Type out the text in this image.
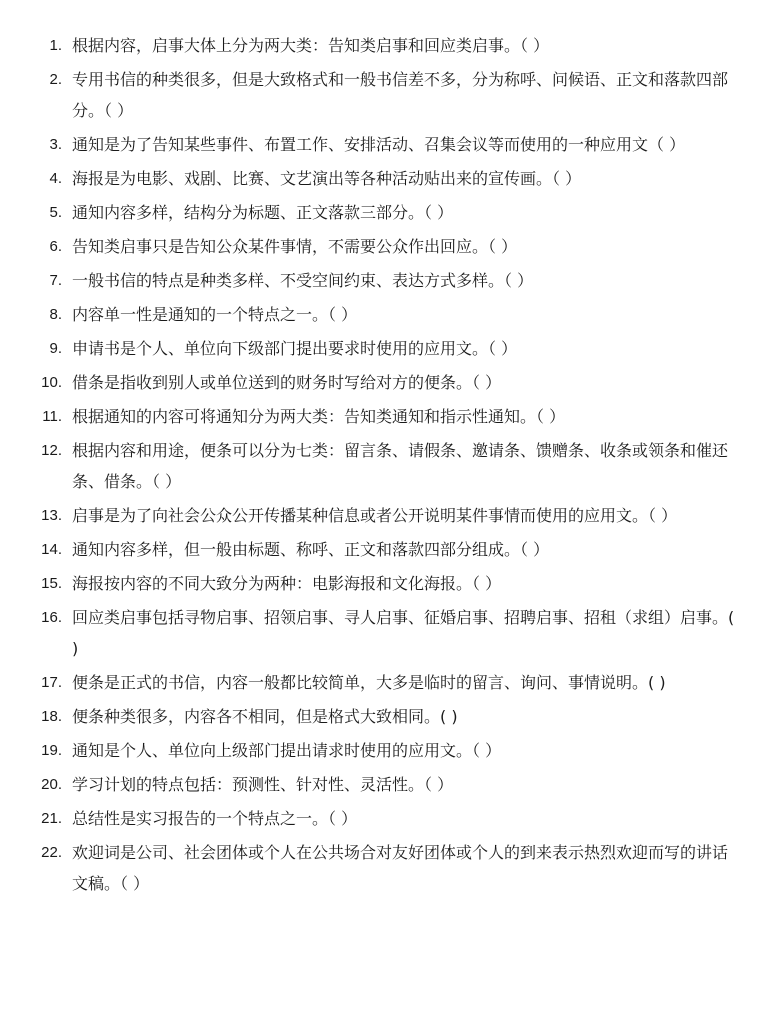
1. 根据内容，启事大体上分为两大类：告知类启事和回应类启事。（ ）
2. 专用书信的种类很多，但是大致格式和一般书信差不多，分为称呼、问候语、正文和落款四部分。（ ）
3. 通知是为了告知某些事件、布置工作、安排活动、召集会议等而使用的一种应用文（ ）
4. 海报是为电影、戏剧、比赛、文艺演出等各种活动贴出来的宣传画。（ ）
5. 通知内容多样，结构分为标题、正文落款三部分。（ ）
6. 告知类启事只是告知公众某件事情，不需要公众作出回应。（ ）
7. 一般书信的特点是种类多样、不受空间约束、表达方式多样。（ ）
8. 内容单一性是通知的一个特点之一。（ ）
9. 申请书是个人、单位向下级部门提出要求时使用的应用文。（ ）
10. 借条是指收到别人或单位送到的财务时写给对方的便条。（ ）
11. 根据通知的内容可将通知分为两大类：告知类通知和指示性通知。（ ）
12. 根据内容和用途，便条可以分为七类：留言条、请假条、邀请条、馈赠条、收条或领条和催还条、借条。（ ）
13. 启事是为了向社会公众公开传播某种信息或者公开说明某件事情而使用的应用文。（ ）
14. 通知内容多样，但一般由标题、称呼、正文和落款四部分组成。（ ）
15. 海报按内容的不同大致分为两种：电影海报和文化海报。（ ）
16. 回应类启事包括寻物启事、招领启事、寻人启事、征婚启事、招聘启事、招租（求组）启事。( )
17. 便条是正式的书信，内容一般都比较简单，大多是临时的留言、询问、事情说明。( )
18. 便条种类很多，内容各不相同，但是格式大致相同。( )
19. 通知是个人、单位向上级部门提出请求时使用的应用文。（ ）
20. 学习计划的特点包括：预测性、针对性、灵活性。（ ）
21. 总结性是实习报告的一个特点之一。（ ）
22. 欢迎词是公司、社会团体或个人在公共场合对友好团体或个人的到来表示热烈欢迎而写的讲话文稿。（ ）
